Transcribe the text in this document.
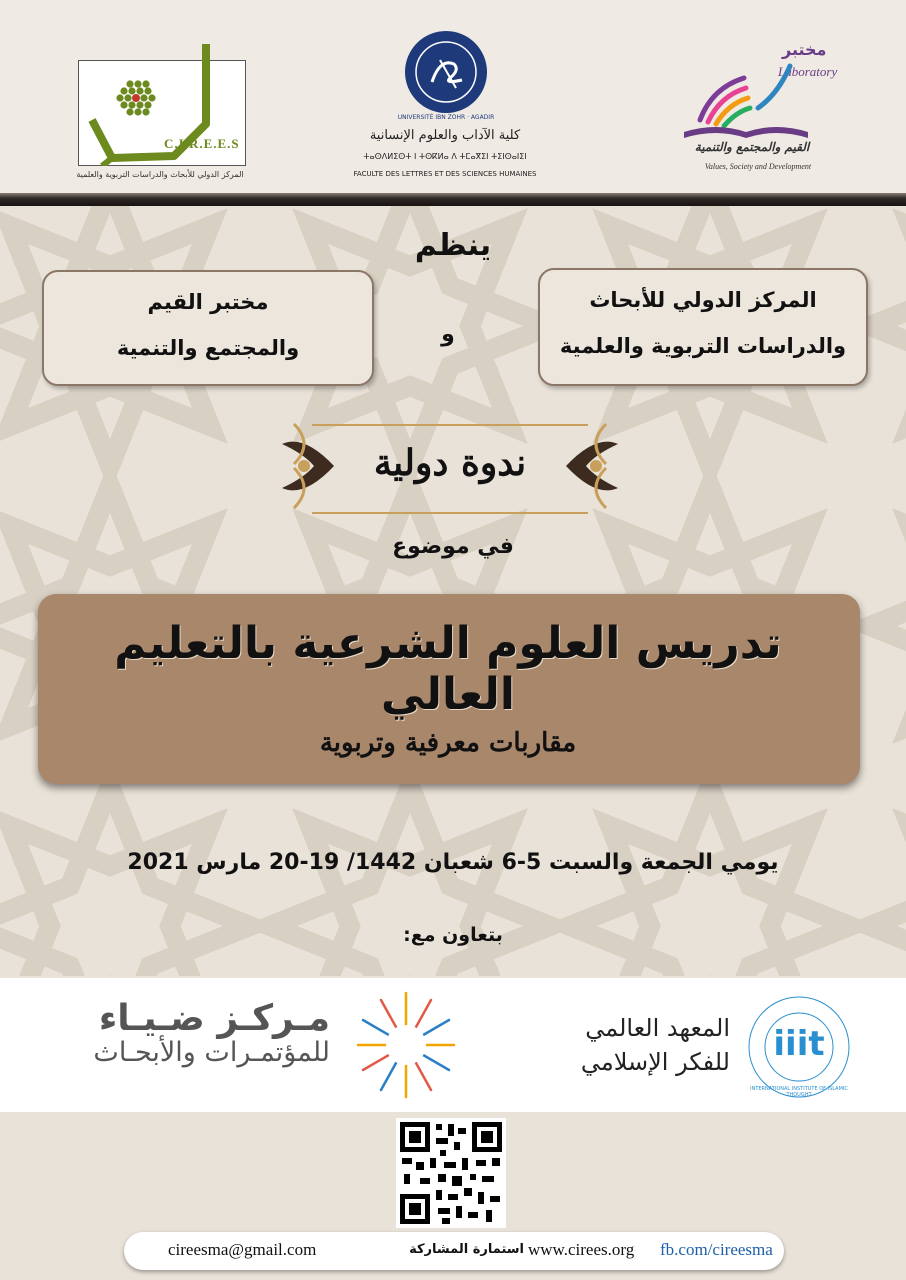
C.I.R.E.E.S
المركز الدولي للأبحاث والدراسات التربوية والعلمية
UNIVERSITÉ IBN ZOHR · AGADIR
كلية الآداب والعلوم الإنسانية
ⵜⴰⵙⴷⵍⵉⵙⵜ ⵏ ⵜⵙⴽⵍⴰ ⴷ ⵜⵎⴰⴳⵉⵏ ⵜⵉⵏⵙⴰⵏⵉⵏ
FACULTE DES LETTRES ET DES SCIENCES HUMAINES
مختبر
Laboratory
القيم والمجتمع والتنمية
Values, Society and Development
ينظم
المركز الدولي للأبحاث
والدراسات التربوية والعلمية
و
مختبر القيم
والمجتمع والتنمية
ندوة دولية
في موضوع
تدريس العلوم الشرعية بالتعليم العالي
مقاربات معرفية وتربوية
يومي الجمعة والسبت 5-6 شعبان 1442/ 19-20 مارس 2021
بتعاون مع:
مـركـز ضـيـاء
للمؤتمـرات والأبحـاث
المعهد العالمي
للفكر الإسلامي iiit
INTERNATIONAL INSTITUTE OF ISLAMIC THOUGHT
cireesma@gmail.com	استمارة المشاركة www.cirees.org fb.com/cireesma
